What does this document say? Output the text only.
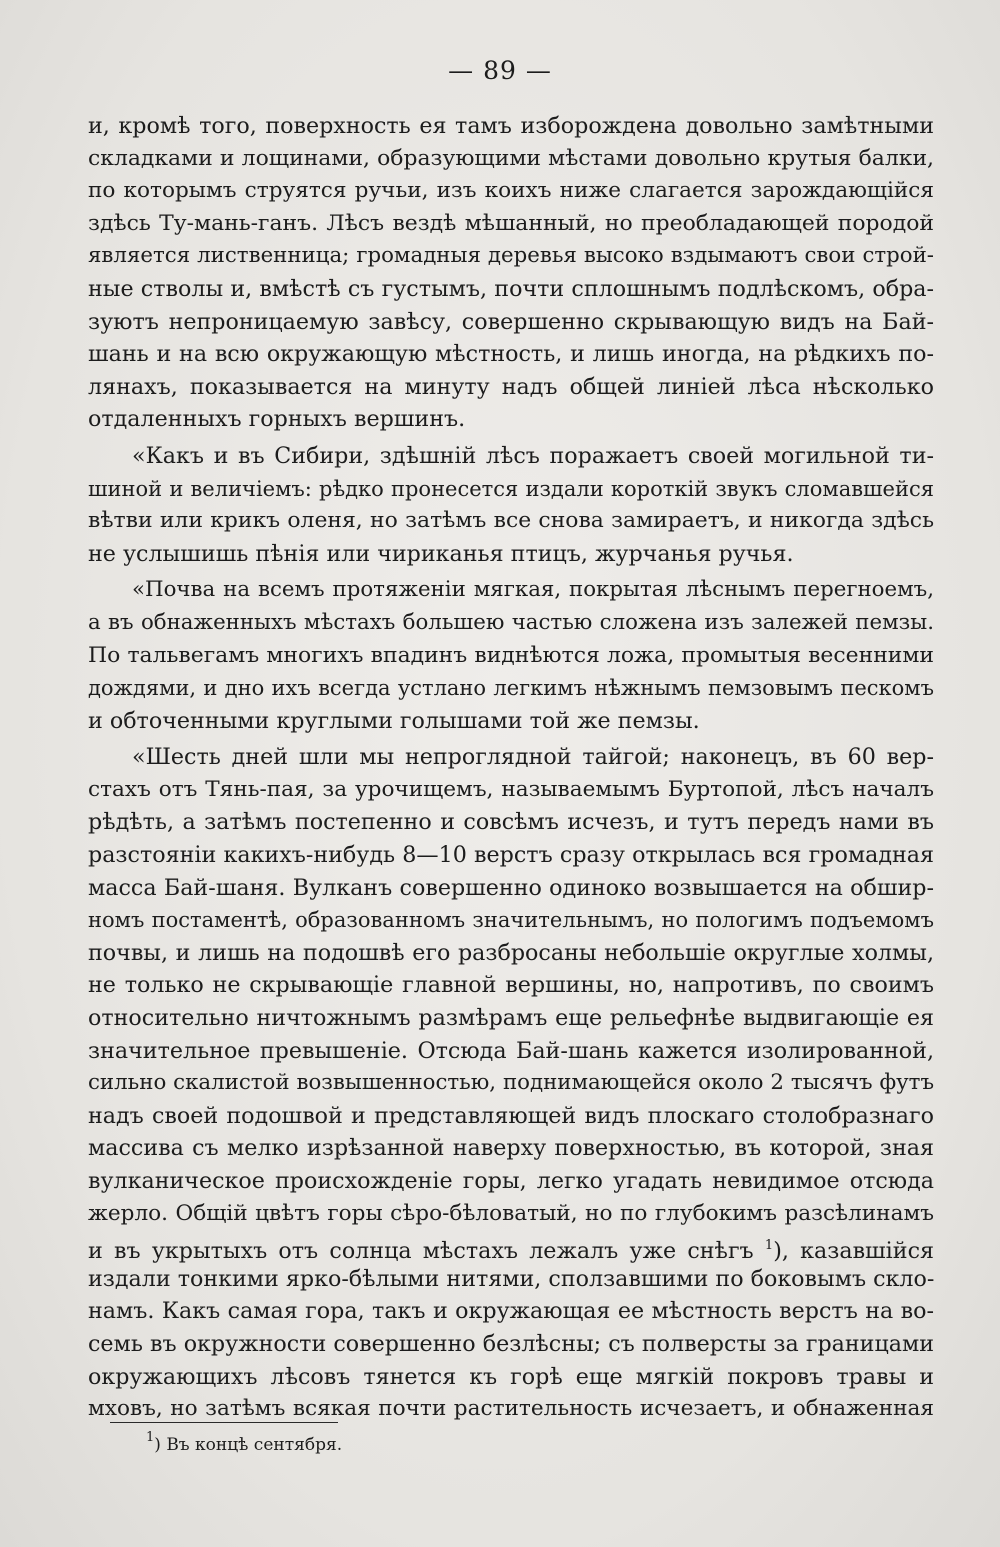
— 89 —
и, кромѣ того, поверхность ея тамъ изборождена довольно замѣтными
складками и лощинами, образующими мѣстами довольно крутыя балки,
по которымъ струятся ручьи, изъ коихъ ниже слагается зарождающiйся
здѣсь Ту-мань-ганъ. Лѣсъ вездѣ мѣшанный, но преобладающей породой
является лиственница; громадныя деревья высоко вздымаютъ свои строй-
ные стволы и, вмѣстѣ съ густымъ, почти сплошнымъ подлѣскомъ, обра-
зуютъ непроницаемую завѣсу, совершенно скрывающую видъ на Бай-
шань и на всю окружающую мѣстность, и лишь иногда, на рѣдкихъ по-
лянахъ, показывается на минуту надъ общей линiей лѣса нѣсколько
отдаленныхъ горныхъ вершинъ.
«Какъ и въ Сибири, здѣшнiй лѣсъ поражаетъ своей могильной ти-
шиной и величiемъ: рѣдко пронесется издали короткiй звукъ сломавшейся
вѣтви или крикъ оленя, но затѣмъ все снова замираетъ, и никогда здѣсь
не услышишь пѣнiя или чириканья птицъ, журчанья ручья.
«Почва на всемъ протяженiи мягкая, покрытая лѣснымъ перегноемъ,
а въ обнаженныхъ мѣстахъ большею частью сложена изъ залежей пемзы.
По тальвегамъ многихъ впадинъ виднѣются ложа, промытыя весенними
дождями, и дно ихъ всегда устлано легкимъ нѣжнымъ пемзовымъ пескомъ
и обточенными круглыми голышами той же пемзы.
«Шесть дней шли мы непроглядной тайгой; наконецъ, въ 60 вер-
стахъ отъ Тянь-пая, за урочищемъ, называемымъ Буртопой, лѣсъ началъ
рѣдѣть, а затѣмъ постепенно и совсѣмъ исчезъ, и тутъ передъ нами въ
разстоянiи какихъ-нибудь 8—10 верстъ сразу открылась вся громадная
масса Бай-шаня. Вулканъ совершенно одиноко возвышается на обшир-
номъ постаментѣ, образованномъ значительнымъ, но пологимъ подъемомъ
почвы, и лишь на подошвѣ его разбросаны небольшiе округлые холмы,
не только не скрывающiе главной вершины, но, напротивъ, по своимъ
относительно ничтожнымъ размѣрамъ еще рельефнѣе выдвигающiе ея
значительное превышенiе. Отсюда Бай-шань кажется изолированной,
сильно скалистой возвышенностью, поднимающейся около 2 тысячъ футъ
надъ своей подошвой и представляющей видъ плоскаго столобразнаго
массива съ мелко изрѣзанной наверху поверхностью, въ которой, зная
вулканическое происхожденiе горы, легко угадать невидимое отсюда
жерло. Общiй цвѣтъ горы сѣро-бѣловатый, но по глубокимъ разсѣлинамъ
и въ укрытыхъ отъ солнца мѣстахъ лежалъ уже снѣгъ $^1$), казавшiйся
издали тонкими ярко-бѣлыми нитями, сползавшими по боковымъ скло-
намъ. Какъ самая гора, такъ и окружающая ее мѣстность верстъ на во-
семь въ окружности совершенно безлѣсны; съ полверсты за границами
окружающихъ лѣсовъ тянется къ горѣ еще мягкiй покровъ травы и
мховъ, но затѣмъ всякая почти растительность исчезаетъ, и обнаженная
$^1$) Въ концѣ сентября.
